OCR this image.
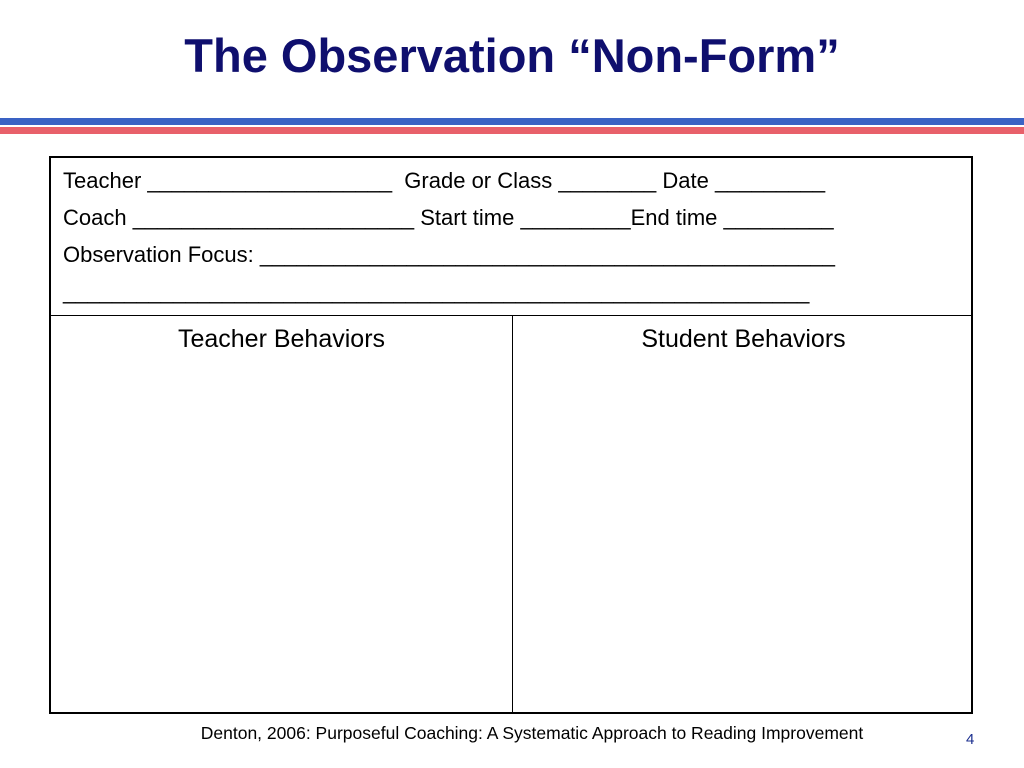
The Observation “Non-Form”
Teacher ____________________  Grade or Class ________ Date _________
Coach _______________________ Start time _________End time _________
Observation Focus: _______________________________________________
_____________________________________________________________
Teacher Behaviors	Student Behaviors
Denton, 2006: Purposeful Coaching: A Systematic Approach to Reading Improvement	4
